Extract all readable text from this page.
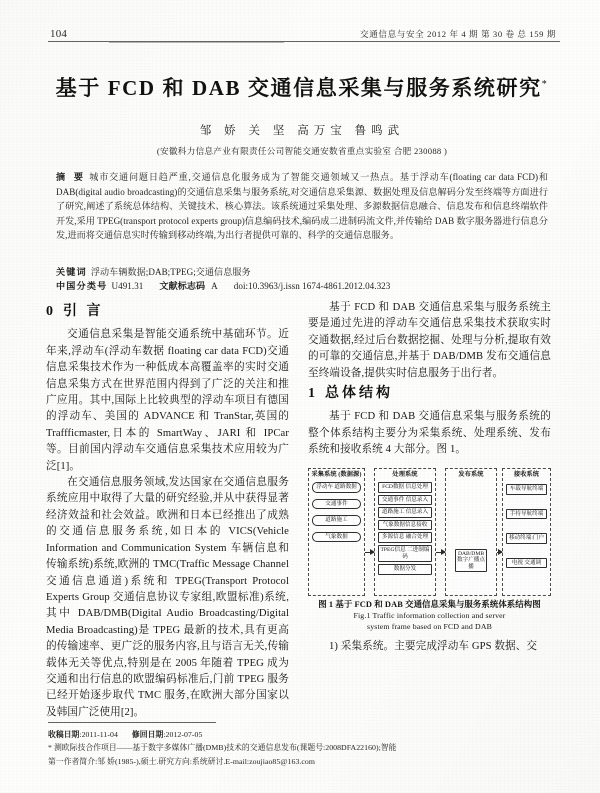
104	交通信息与安全 2012 年 4 期 第 30 卷 总 159 期
基于 FCD 和 DAB 交通信息采集与服务系统研究*
邹 娇 关 坚 高万宝 鲁鸣武
(安徽科力信息产业有限责任公司智能交通安数省重点实验室 合肥 230088 )
摘 要 城市交通问题日趋严重,交通信息化服务成为了智能交通领域又一热点。基于浮动车(floating car data FCD)和 DAB(digital audio broadcasting)的交通信息采集与服务系统,对交通信息采集源、数据处理及信息解码分发至终端等方面进行了研究,阐述了系统总体结构、关键技术、核心算法。该系统通过采集处理、多源数据信息融合、信息发布和信息终端软件开发,采用 TPEG(transport protocol experts group)信息编码技术,编码成二进制码流文件,并传输给 DAB 数字服务器进行信息分发,进而将交通信息实时传输到移动终端,为出行者提供可靠的、科学的交通信息服务。
关键词 浮动车辆数据;DAB;TPEG;交通信息服务
中国分类号 U491.31 文献标志码 A doi:10.3963/j.issn 1674-4861.2012.04.323
0 引 言

交通信息采集是智能交通系统中基础环节。近年来,浮动车(浮动车数据 floating car data FCD)交通信息采集技术作为一种低成本高覆盖率的实时交通信息采集方式在世界范围内得到了广泛的关注和推广应用。其中,国际上比较典型的浮动车项目有德国的浮动车、美国的 ADVANCE 和 TranStar,英国的 Traffficmaster,日本的 SmartWay、JARI 和 IPCar 等。目前国内浮动车交通信息采集技术应用较为广泛[1]。

在交通信息服务领域,发达国家在交通信息服务系统应用中取得了大量的研究经验,并从中获得显著经济效益和社会效益。欧洲和日本已经推出了成熟的交通信息服务系统,如日本的 VICS(Vehicle Information and Communication System 车辆信息和传输系统)系统,欧洲的 TMC(Traffic Message Channel 交通信息通道)系统和 TPEG(Transport Protocol Experts Group 交通信息协议专家组,欧盟标准)系统,其中 DAB/DMB(Digital Audio Broadcasting/Digital Media Broadcasting)是 TPEG 最新的技术,具有更高的传输速率、更广泛的服务内容,且与语言无关,传输载体无关等优点,特别是在 2005 年随着 TPEG 成为交通和出行信息的欧盟编码标准后,门前 TPEG 服务已经开始逐步取代 TMC 服务,在欧洲大部分国家以及韩国广泛使用[2]。

基于 FCD 和 DAB 交通信息采集与服务系统主要是通过先进的浮动车交通信息采集技术获取实时交通数据,经过后台数据挖掘、处理与分析,提取有效的可靠的交通信息,并基于 DAB/DMB 发布交通信息至终端设备,提供实时信息服务于出行者。

1 总体结构

基于 FCD 和 DAB 交通信息采集与服务系统的整个体系结构主要分为采集系统、处理系统、发布系统和接收系统 4 大部分。图 1。

采集系统 (数据源)
浮动车 道路数据
交通事件
道路施工
气象数据
处理系统
FCD数据 信息处理
交通事件 信息录入
道路施工 信息录入
气象数据信息接收
多源信息 融合处理
TPEG信息 二进制编码
数据分发
发布系统
DAB/DMB 数字广播点播
接收系统
车载导航终端
手持导航终端
移动终端:门户
电视 交通调
图 1 基于 FCD 和 DAB 交通信息采集与服务系统体系结构图
Fig.1 Traffic information collection and server
system frame based on FCD and DAB

1) 采集系统。主要完成浮动车 GPS 数据、交

收稿日期:2011-11-04 修回日期:2012-07-05
* 测欧际技合作项目——基于数字多媒体广播(DMB)技术的交通信息发布(课题号:2008DFA22160);智能
第一作者简介:邹 娇(1985-),硕士.研究方向:系统研讨.E-mail:zoujiao85@163.com
